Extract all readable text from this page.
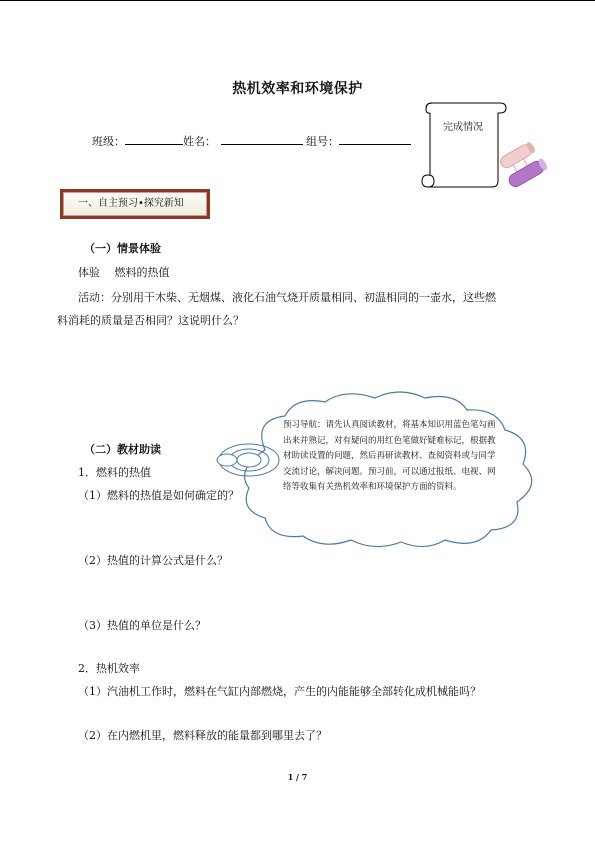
热机效率和环境保护
班级：	姓名：	组号：
完成情况
一、自主预习•探究新知
（一）情景体验
体验　 燃料的热值
活动：分别用干木柴、无烟煤、液化石油气烧开质量相同、初温相同的一壶水，这些燃
料消耗的质量是否相同？这说明什么？
预习导航：请先认真阅读教材，将基本知识用蓝色笔勾画出来并熟记，对有疑问的用红色笔做好疑难标记，根据教材助读设置的问题，然后再研读教材、查阅资料或与同学交流讨论，解决问题。预习前，可以通过报纸、电视、网络等收集有关热机效率和环境保护方面的资料。
（二）教材助读
1．燃料的热值
（1）燃料的热值是如何确定的？
（2）热值的计算公式是什么？
（3）热值的单位是什么？
2．热机效率
（1）汽油机工作时，燃料在气缸内部燃烧，产生的内能能够全部转化成机械能吗？
（2）在内燃机里，燃料释放的能量都到哪里去了？
1 / 7
